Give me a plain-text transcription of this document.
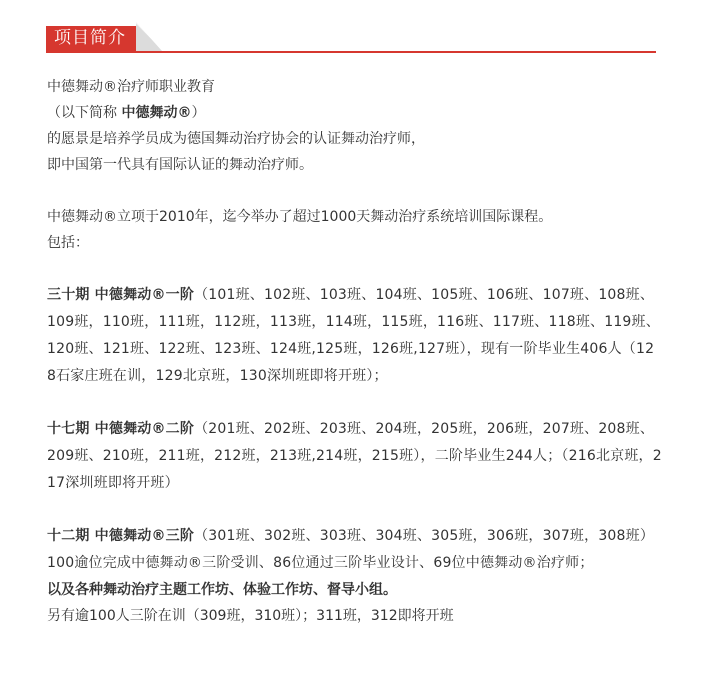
项目简介
中德舞动®治疗师职业教育
（以下简称 中德舞动®）
的愿景是培养学员成为德国舞动治疗协会的认证舞动治疗师，
即中国第一代具有国际认证的舞动治疗师。
中德舞动®立项于2010年，迄今举办了超过1000天舞动治疗系统培训国际课程。
包括：
三十期 中德舞动®一阶（101班、102班、103班、104班、105班、106班、107班、108班、109班，110班，111班，112班，113班，114班，115班，116班、117班、118班、119班、120班、121班、122班、123班、124班,125班，126班,127班），现有一阶毕业生406人（128石家庄班在训，129北京班，130深圳班即将开班）；
十七期 中德舞动®二阶（201班、202班、203班、204班，205班，206班，207班、208班、209班、210班，211班，212班，213班,214班，215班），二阶毕业生244人；（216北京班，217深圳班即将开班）
十二期 中德舞动®三阶（301班、302班、303班、304班、305班，306班，307班，308班）100逾位完成中德舞动®三阶受训、86位通过三阶毕业设计、69位中德舞动®治疗师；
以及各种舞动治疗主题工作坊、体验工作坊、督导小组。
另有逾100人三阶在训（309班，310班）；311班，312即将开班
